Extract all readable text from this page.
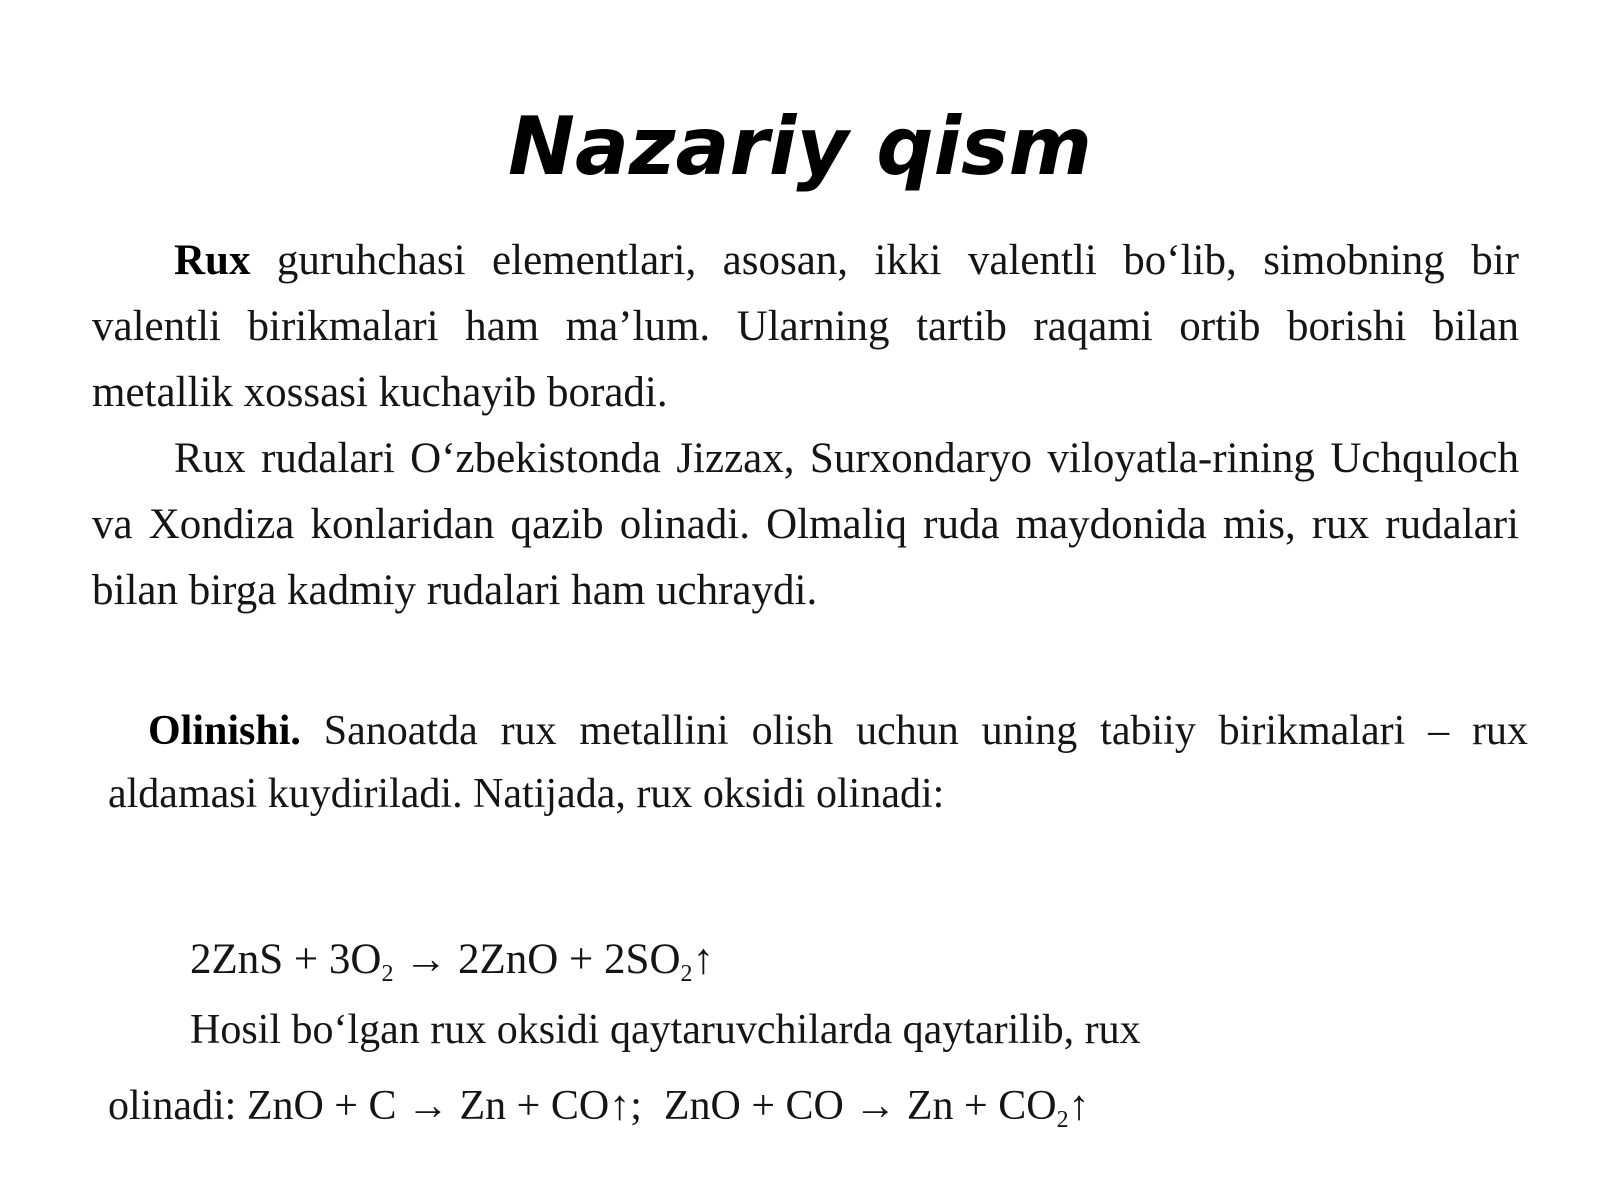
Nazariy qism

Rux guruhchasi elementlari, asosan, ikki valentli bo‘lib, simobning bir valentli birikmalari ham ma’lum. Ularning tartib raqami ortib borishi bilan metallik xossasi kuchayib boradi.

Rux rudalari O‘zbekistonda Jizzax, Surxondaryo viloyatla-rining Uchquloch va Xondiza konlaridan qazib olinadi. Olmaliq ruda maydonida mis, rux rudalari bilan birga kadmiy rudalari ham uchraydi.

Olinishi. Sanoatda rux metallini olish uchun uning tabiiy birikmalari – rux aldamasi kuydiriladi. Natijada, rux oksidi olinadi:

$2ZnS + 3O_2 \to 2ZnO$ + $2SO_2↑$

Hosil bo‘lgan rux oksidi qaytaruvchilarda qaytarilib, rux

olinadi: ZnO + C → Zn + CO↑; ZnO + CO → $Zn + CO_2↑$
